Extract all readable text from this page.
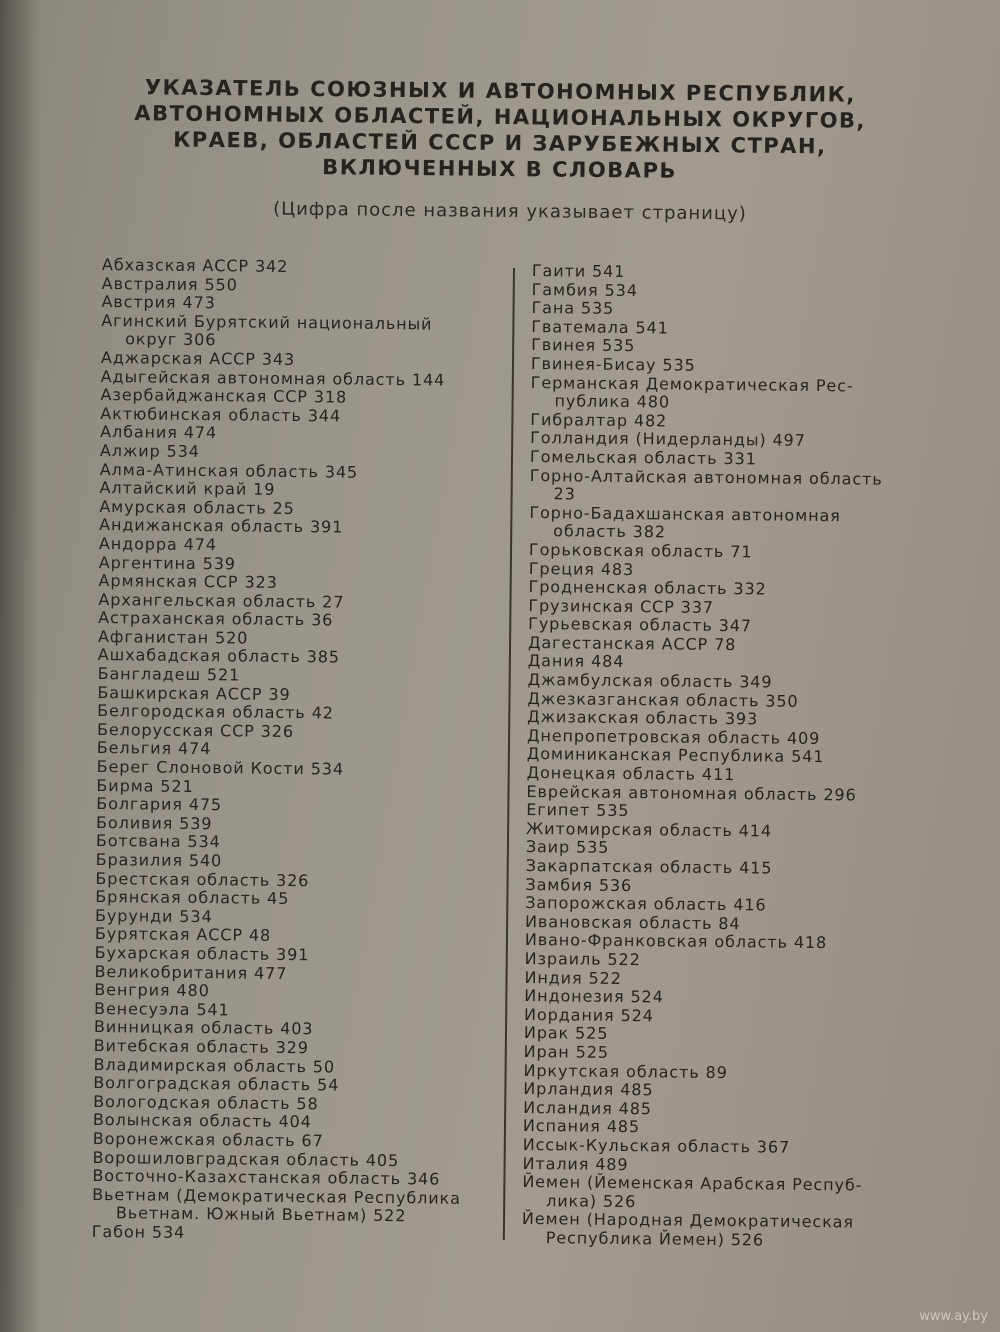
УКАЗАТЕЛЬ СОЮЗНЫХ И АВТОНОМНЫХ РЕСПУБЛИК,
АВТОНОМНЫХ ОБЛАСТЕЙ, НАЦИОНАЛЬНЫХ ОКРУГОВ,
КРАЕВ, ОБЛАСТЕЙ СССР И ЗАРУБЕЖНЫХ СТРАН,
ВКЛЮЧЕННЫХ В СЛОВАРЬ
(Цифра после названия указывает страницу)
Абхазская АССР 342
Австралия 550
Австрия 473
Агинский Бурятский национальный
округ 306
Аджарская АССР 343
Адыгейская автономная область 144
Азербайджанская ССР 318
Актюбинская область 344
Албания 474
Алжир 534
Алма-Атинская область 345
Алтайский край 19
Амурская область 25
Андижанская область 391
Андорра 474
Аргентина 539
Армянская ССР 323
Архангельская область 27
Астраханская область 36
Афганистан 520
Ашхабадская область 385
Бангладеш 521
Башкирская АССР 39
Белгородская область 42
Белорусская ССР 326
Бельгия 474
Берег Слоновой Кости 534
Бирма 521
Болгария 475
Боливия 539
Ботсвана 534
Бразилия 540
Брестская область 326
Брянская область 45
Бурунди 534
Бурятская АССР 48
Бухарская область 391
Великобритания 477
Венгрия 480
Венесуэла 541
Винницкая область 403
Витебская область 329
Владимирская область 50
Волгоградская область 54
Вологодская область 58
Волынская область 404
Воронежская область 67
Ворошиловградская область 405
Восточно-Казахстанская область 346
Вьетнам (Демократическая Республика
Вьетнам. Южный Вьетнам) 522
Габон 534
Гаити 541
Гамбия 534
Гана 535
Гватемала 541
Гвинея 535
Гвинея-Бисау 535
Германская Демократическая Рес-
публика 480
Гибралтар 482
Голландия (Нидерланды) 497
Гомельская область 331
Горно-Алтайская автономная область
23
Горно-Бадахшанская автономная
область 382
Горьковская область 71
Греция 483
Гродненская область 332
Грузинская ССР 337
Гурьевская область 347
Дагестанская АССР 78
Дания 484
Джамбулская область 349
Джезказганская область 350
Джизакская область 393
Днепропетровская область 409
Доминиканская Республика 541
Донецкая область 411
Еврейская автономная область 296
Египет 535
Житомирская область 414
Заир 535
Закарпатская область 415
Замбия 536
Запорожская область 416
Ивановская область 84
Ивано-Франковская область 418
Израиль 522
Индия 522
Индонезия 524
Иордания 524
Ирак 525
Иран 525
Иркутская область 89
Ирландия 485
Исландия 485
Испания 485
Иссык-Кульская область 367
Италия 489
Йемен (Йеменская Арабская Респуб-
лика) 526
Йемен (Народная Демократическая
Республика Йемен) 526
www.ay.by
